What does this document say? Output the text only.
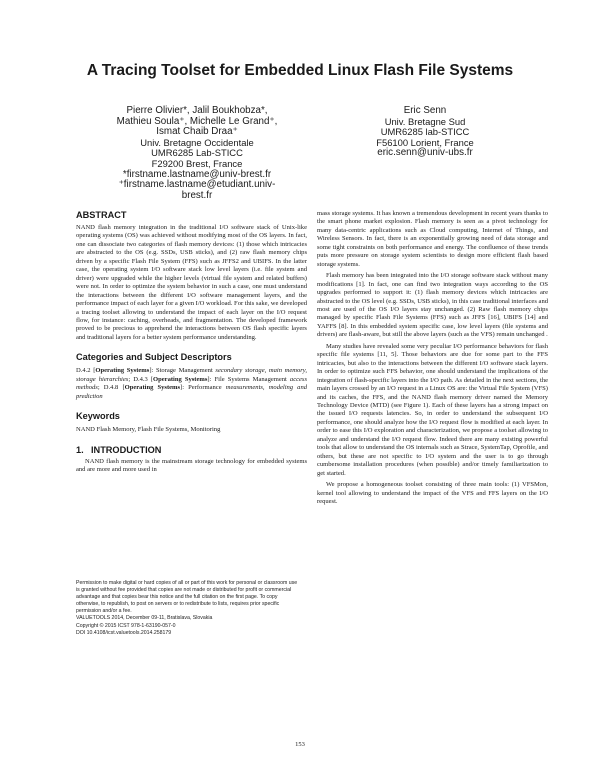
A Tracing Toolset for Embedded Linux Flash File Systems
Pierre Olivier*, Jalil Boukhobza*,
Mathieu Soula⁺, Michelle Le Grand⁺,
Ismat Chaib Draa⁺
Univ. Bretagne Occidentale
UMR6285 Lab-STICC
F29200 Brest, France
*firstname.lastname@univ-brest.fr
⁺firstname.lastname@etudiant.univ-
brest.fr
Eric Senn
Univ. Bretagne Sud
UMR6285 lab-STICC
F56100 Lorient, France
eric.senn@univ-ubs.fr
ABSTRACT

NAND flash memory integration in the traditional I/O software stack of Unix-like operating systems (OS) was achieved without modifying most of the OS layers. In fact, one can dissociate two categories of flash memory devices: (1) those which intricacies are abstracted to the OS (e.g. SSDs, USB sticks), and (2) raw flash memory chips driven by a specific Flash File System (FFS) such as JFFS2 and UBIFS. In the latter case, the operating system I/O software stack low level layers (i.e. file system and driver) were upgraded while the higher levels (virtual file system and related buffers) were not. In order to optimize the system behavior in such a case, one must understand the interactions between the different I/O software management layers, and the performance impact of each layer for a given I/O workload. For this sake, we developed a tracing toolset allowing to understand the impact of each layer on the I/O request flow, for instance: caching, overheads, and fragmentation. The developed framework proved to be precious to apprehend the interactions between OS flash specific layers and traditional layers for a better system performance understanding.

Categories and Subject Descriptors

D.4.2 [Operating Systems]: Storage Management secondary storage, main memory, storage hierarchies; D.4.3 [Operating Systems]: File Systems Management access methods; D.4.8 [Operating Systems]: Performance measurements, modeling and prediction

Keywords

NAND Flash Memory, Flash File Systems, Monitoring

1. INTRODUCTION

NAND flash memory is the mainstream storage technology for embedded systems and are more and more used in

Permission to make digital or hard copies of all or part of this work for personal or classroom use is granted without fee provided that copies are not made or distributed for profit or commercial advantage and that copies bear this notice and the full citation on the first page. To copy otherwise, to republish, to post on servers or to redistribute to lists, requires prior specific permission and/or a fee.

VALUETOOLS 2014, December 09-11, Bratislava, Slovakia

Copyright © 2015 ICST 978-1-63190-057-0

DOI 10.4108/icst.valuetools.2014.258179

mass storage systems. It has known a tremendous development in recent years thanks to the smart phone market explosion. Flash memory is seen as a pivot technology for many data-centric applications such as Cloud computing, Internet of Things, and Wireless Sensors. In fact, there is an exponentially growing need of data storage and some tight constraints on both performance and energy. The confluence of these trends puts more pressure on storage system scientists to design more efficient flash based storage systems.

Flash memory has been integrated into the I/O storage software stack without many modifications [1]. In fact, one can find two integration ways according to the OS upgrades performed to support it: (1) flash memory devices which intricacies are abstracted to the OS level (e.g. SSDs, USB sticks), in this case traditional interfaces and most are used of the OS I/O layers stay unchanged. (2) Raw flash memory chips managed by specific Flash File Systems (FFS) such as JFFS [16], UBIFS [14] and YAFFS [8]. In this embedded system specific case, low level layers (file systems and drivers) are flash-aware, but still the above layers (such as the VFS) remain unchanged .

Many studies have revealed some very peculiar I/O performance behaviors for flash specific file systems [11, 5]. Those behaviors are due for some part to the FFS intricacies, but also to the interactions between the different I/O software stack layers. In order to optimize such FFS behavior, one should understand the implications of the integration of flash-specific layers into the I/O path. As detailed in the next sections, the main layers crossed by an I/O request in a Linux OS are: the Virtual File System (VFS) and its caches, the FFS, and the NAND flash memory driver named the Memory Technology Device (MTD) (see Figure 1). Each of these layers has a strong impact on the issued I/O requests latencies. So, in order to understand the subsequent I/O performance, one should analyze how the I/O request flow is modified at each layer. In order to ease this I/O exploration and characterization, we propose a toolset allowing to analyze and understand the I/O request flow. Indeed there are many existing powerful tools that allow to understand the OS internals such as Strace, SystemTap, Oprofile, and others, but these are not specific to I/O system and the user is to go through cumbersome installation procedures (when possible) and/or timely familiarization to get started.

We propose a homogeneous toolset consisting of three main tools: (1) VFSMon, kernel tool allowing to understand the impact of the VFS and FFS layers on the I/O request.

153
